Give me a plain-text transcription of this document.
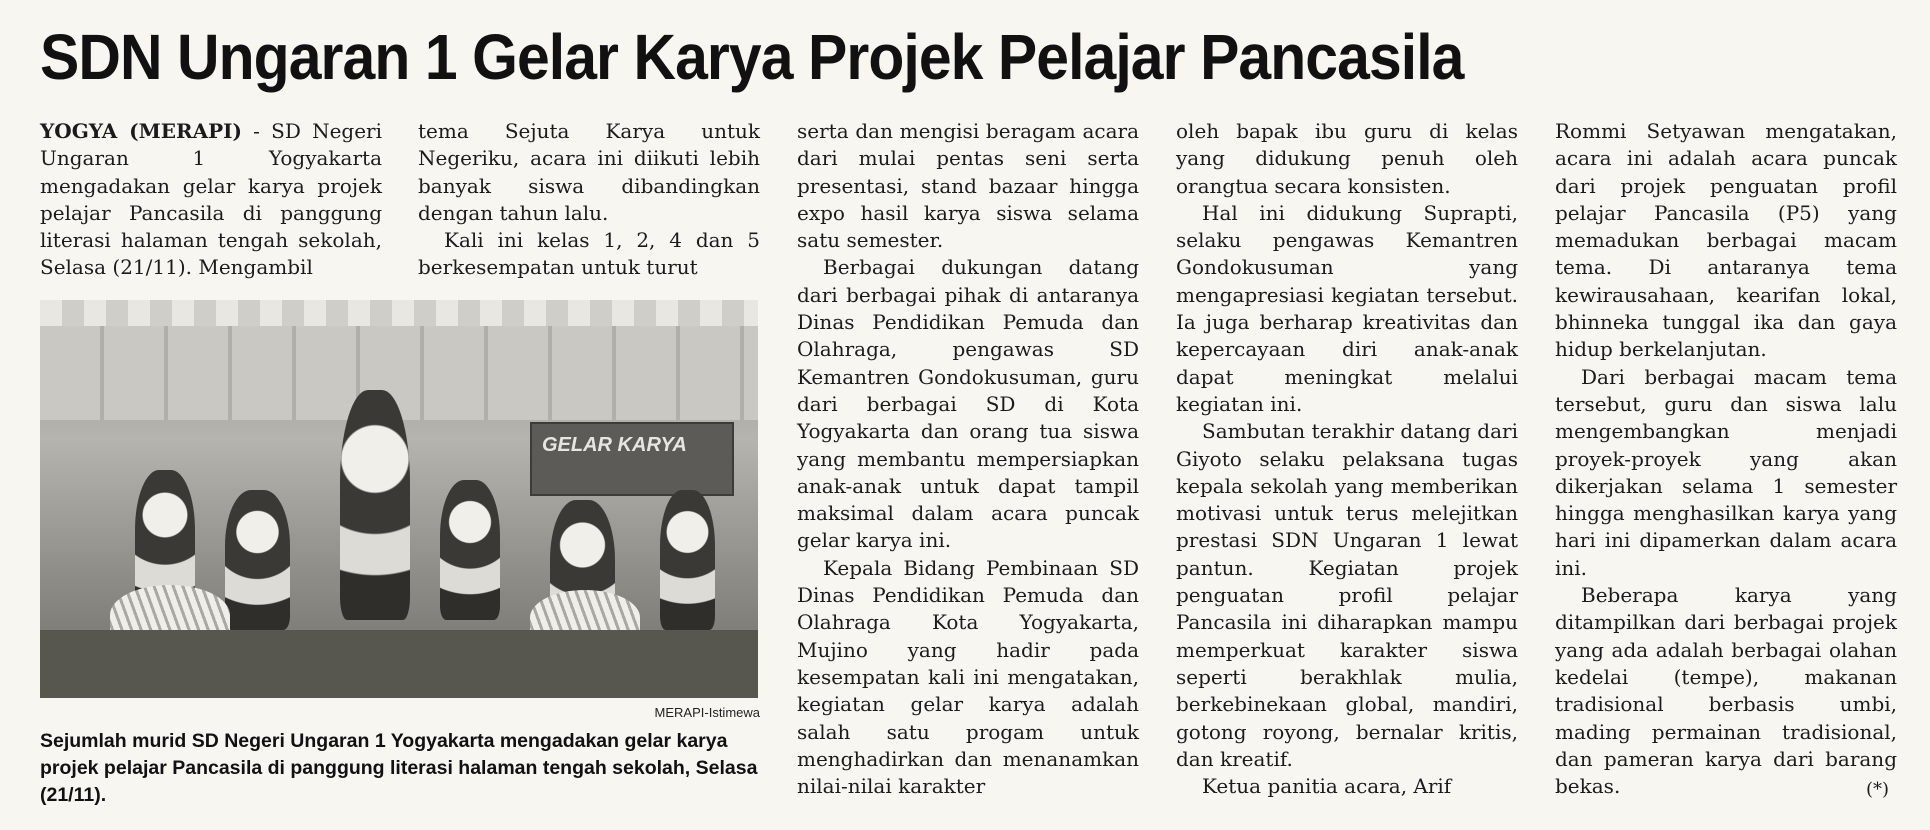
SDN Ungaran 1 Gelar Karya Projek Pelajar Pancasila

YOGYA (MERAPI) - SD Negeri Ungaran 1 Yogyakarta mengadakan gelar karya projek pelajar Pancasila di panggung literasi halaman tengah sekolah, Selasa (21/11). Mengambil

tema Sejuta Karya untuk Negeriku, acara ini diikuti lebih banyak siswa dibandingkan dengan tahun lalu.

Kali ini kelas 1, 2, 4 dan 5 berkesempatan untuk turut

GELAR KARYA
MERAPI-Istimewa
Sejumlah murid SD Negeri Ungaran 1 Yogyakarta mengadakan gelar karya projek pelajar Pancasila di panggung literasi halaman tengah sekolah, Selasa (21/11).

serta dan mengisi beragam acara dari mulai pentas seni serta presentasi, stand bazaar hingga expo hasil karya siswa selama satu semester.

Berbagai dukungan datang dari berbagai pihak di antaranya Dinas Pendidikan Pemuda dan Olahraga, pengawas SD Kemantren Gondokusuman, guru dari berbagai SD di Kota Yogyakarta dan orang tua siswa yang membantu mempersiapkan anak-anak untuk dapat tampil maksimal dalam acara puncak gelar karya ini.

Kepala Bidang Pembinaan SD Dinas Pendidikan Pemuda dan Olahraga Kota Yogyakarta, Mujino yang hadir pada kesempatan kali ini mengatakan, kegiatan gelar karya adalah salah satu progam untuk menghadirkan dan menanamkan nilai-nilai karakter

oleh bapak ibu guru di kelas yang didukung penuh oleh orangtua secara konsisten.

Hal ini didukung Suprapti, selaku pengawas Kemantren Gondokusuman yang mengapresiasi kegiatan tersebut. Ia juga berharap kreativitas dan kepercayaan diri anak-anak dapat meningkat melalui kegiatan ini.

Sambutan terakhir datang dari Giyoto selaku pelaksana tugas kepala sekolah yang memberikan motivasi untuk terus melejitkan prestasi SDN Ungaran 1 lewat pantun. Kegiatan projek penguatan profil pelajar Pancasila ini diharapkan mampu memperkuat karakter siswa seperti berakhlak mulia, berkebinekaan global, mandiri, gotong royong, bernalar kritis, dan kreatif.

Ketua panitia acara, Arif

Rommi Setyawan mengatakan, acara ini adalah acara puncak dari projek penguatan profil pelajar Pancasila (P5) yang memadukan berbagai macam tema. Di antaranya tema kewirausahaan, kearifan lokal, bhinneka tunggal ika dan gaya hidup berkelanjutan.

Dari berbagai macam tema tersebut, guru dan siswa lalu mengembangkan menjadi proyek-proyek yang akan dikerjakan selama 1 semester hingga menghasilkan karya yang hari ini dipamerkan dalam acara ini.

Beberapa karya yang ditampilkan dari berbagai projek yang ada adalah berbagai olahan kedelai (tempe), makanan tradisional berbasis umbi, mading permainan tradisional, dan pameran karya dari barang bekas.	(*)
